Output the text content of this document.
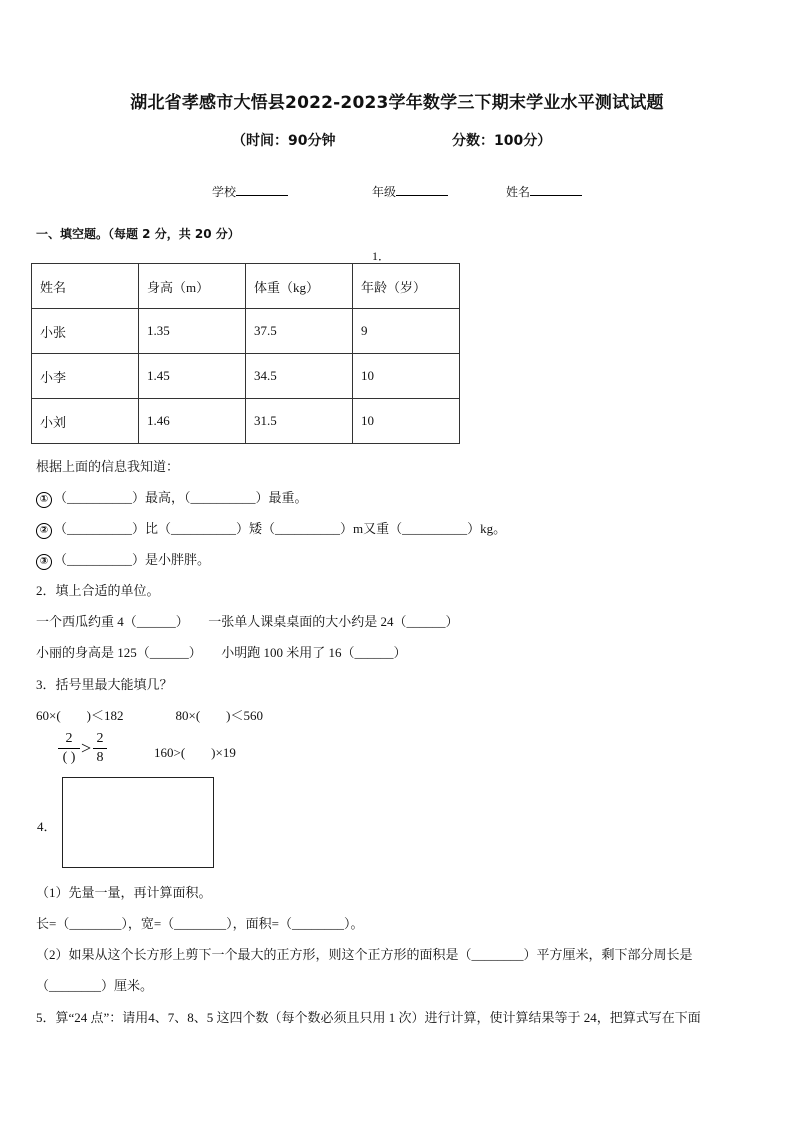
湖北省孝感市大悟县2022-2023学年数学三下期末学业水平测试试题
（时间：90分钟	分数：100分）
学校	年级	姓名
一、填空题。（每题 2 分，共 20 分）
1．
姓名	身高（m）	体重（kg）	年龄（岁）
小张	1.35	37.5	9
小李	1.45	34.5	10
小刘	1.46	31.5	10
根据上面的信息我知道：
① （__________）最高，（__________）最重。
② （__________）比（__________）矮（__________）m又重（__________）kg。
③ （__________）是小胖胖。
2．填上合适的单位。
一个西瓜约重 4（______）　　一张单人课桌桌面的大小约是 24（______）
小丽的身高是 125（______）　　小明跑 100 米用了 16（______）
3．括号里最大能填几？
60×(　　)＜182　　　　80×(　　)＜560
2
( ) > 2
8	160>(　　)×19
4．
（1）先量一量，再计算面积。
长=（________），宽=（________），面积=（________）。
（2）如果从这个长方形上剪下一个最大的正方形，则这个正方形的面积是（________）平方厘米，剩下部分周长是
（________）厘米。
5．算“24 点”：请用4、7、8、5 这四个数（每个数必须且只用 1 次）进行计算，使计算结果等于 24，把算式写在下面
